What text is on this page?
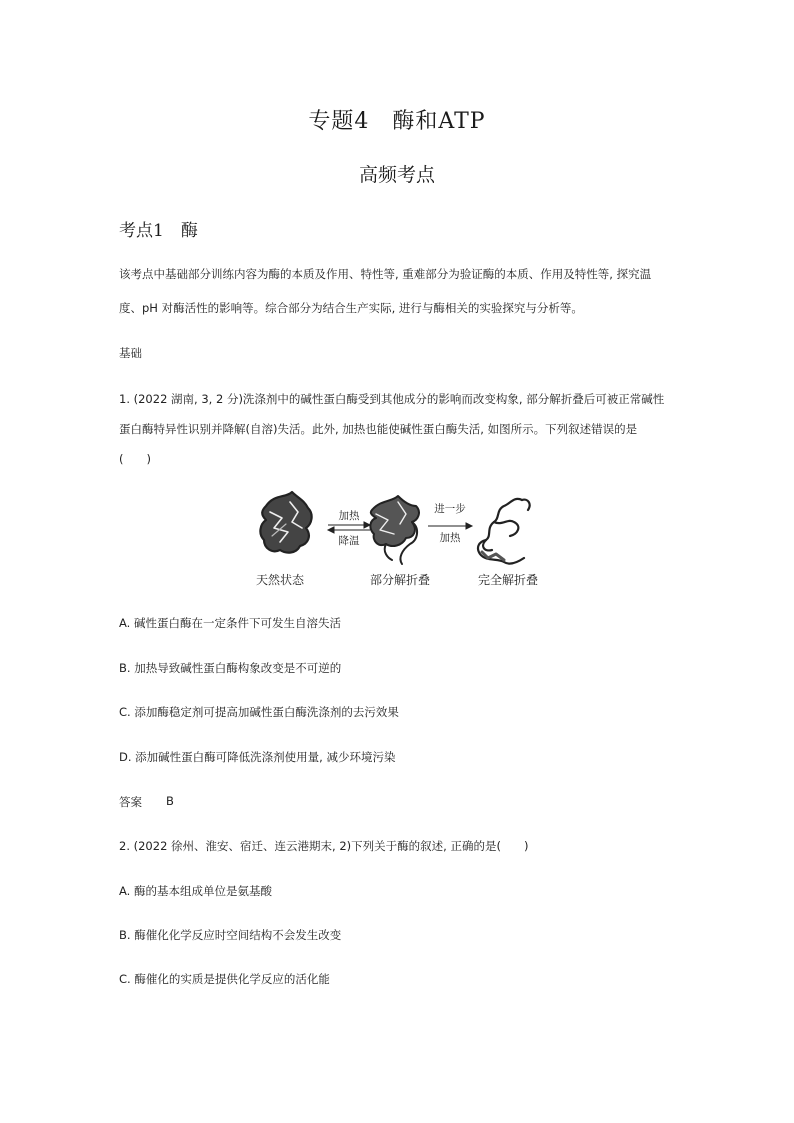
专题4　酶和ATP
高频考点
考点1　酶
该考点中基础部分训练内容为酶的本质及作用、特性等, 重难部分为验证酶的本质、作用及特性等, 探究温
度、pH 对酶活性的影响等。综合部分为结合生产实际, 进行与酶相关的实验探究与分析等。
基础
1. (2022 湖南, 3, 2 分)洗涤剂中的碱性蛋白酶受到其他成分的影响而改变构象, 部分解折叠后可被正常碱性
蛋白酶特异性识别并降解(自溶)失活。此外, 加热也能使碱性蛋白酶失活, 如图所示。下列叙述错误的是
(　　)
加热
降温
进一步
加热
天然状态	部分解折叠	完全解折叠
A. 碱性蛋白酶在一定条件下可发生自溶失活
B. 加热导致碱性蛋白酶构象改变是不可逆的
C. 添加酶稳定剂可提高加碱性蛋白酶洗涤剂的去污效果
D. 添加碱性蛋白酶可降低洗涤剂使用量, 减少环境污染
答案 B
2. (2022 徐州、淮安、宿迁、连云港期末, 2)下列关于酶的叙述, 正确的是(　　)
A. 酶的基本组成单位是氨基酸
B. 酶催化化学反应时空间结构不会发生改变
C. 酶催化的实质是提供化学反应的活化能
